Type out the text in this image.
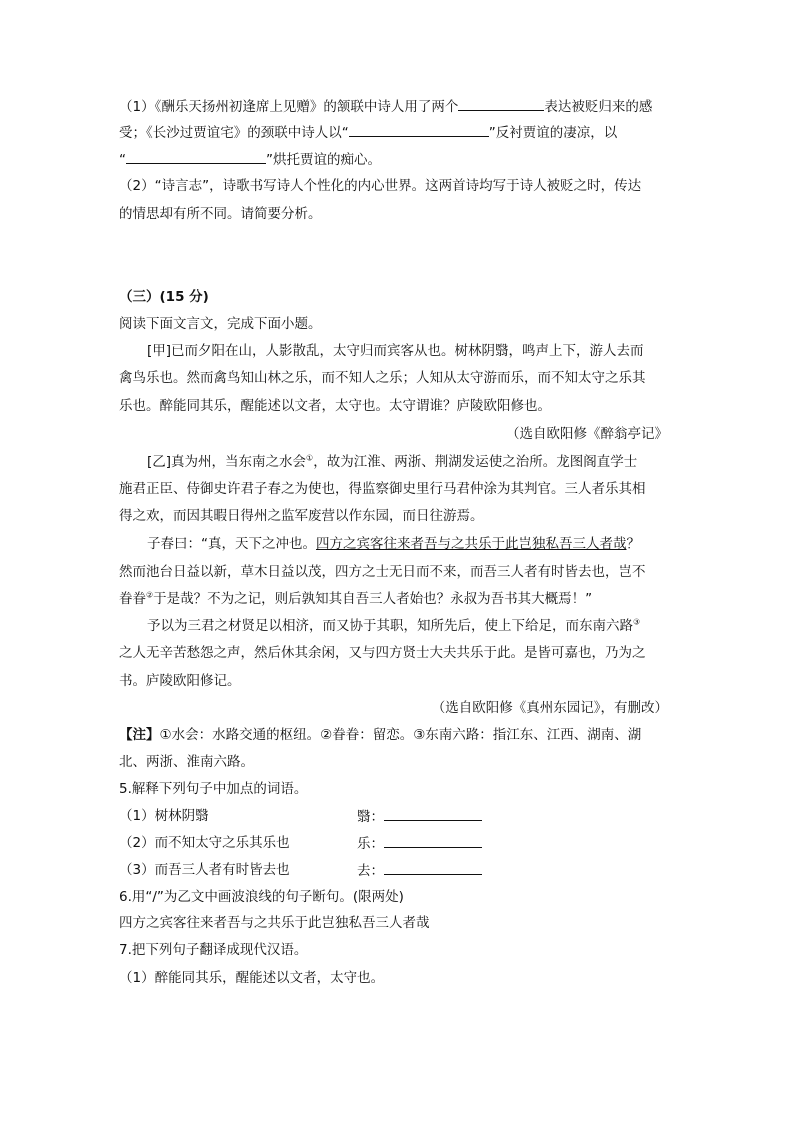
（1）《酬乐天扬州初逢席上见赠》的颔联中诗人用了两个	表达被贬归来的感
受；《长沙过贾谊宅》的颈联中诗人以“	”反衬贾谊的凄凉，以
“	”烘托贾谊的痴心。
（2）“诗言志”，诗歌书写诗人个性化的内心世界。这两首诗均写于诗人被贬之时，传达
的情思却有所不同。请简要分析。
（三）(15 分)
阅读下面文言文，完成下面小题。
[甲]已而夕阳在山，人影散乱，太守归而宾客从也。树林阴翳，鸣声上下，游人去而
禽鸟乐也。然而禽鸟知山林之乐，而不知人之乐；人知从太守游而乐，而不知太守之乐其
乐也。醉能同其乐，醒能述以文者，太守也。太守谓谁？庐陵欧阳修也。
（选自欧阳修《醉翁亭记》
[乙]真为州，当东南之水会①，故为江淮、两浙、荆湖发运使之治所。龙图阁直学士
施君正臣、侍御史许君子春之为使也，得监察御史里行马君仲涂为其判官。三人者乐其相
得之欢，而因其暇日得州之监军废营以作东园，而日往游焉。
子春曰：“真，天下之冲也。四方之宾客往来者吾与之共乐于此岂独私吾三人者哉？
然而池台日益以新，草木日益以茂，四方之士无日而不来，而吾三人者有时皆去也，岂不
眷眷②于是哉？不为之记，则后孰知其自吾三人者始也？永叔为吾书其大概焉！”
予以为三君之材贤足以相济，而又协于其职，知所先后，使上下给足，而东南六路③
之人无辛苦愁怨之声，然后休其余闲，又与四方贤士大夫共乐于此。是皆可嘉也，乃为之
书。庐陵欧阳修记。
（选自欧阳修《真州东园记》，有删改）
【注】①水会：水路交通的枢纽。②眷眷：留恋。③东南六路：指江东、江西、湖南、湖
北、两浙、淮南六路。
5.解释下列句子中加点的词语。
（1）树林阴翳	翳：
（2）而不知太守之乐其乐也	乐：
（3）而吾三人者有时皆去也	去：
6.用“/”为乙文中画波浪线的句子断句。(限两处)
四方之宾客往来者吾与之共乐于此岂独私吾三人者哉
7.把下列句子翻译成现代汉语。
（1）醉能同其乐，醒能述以文者，太守也。
